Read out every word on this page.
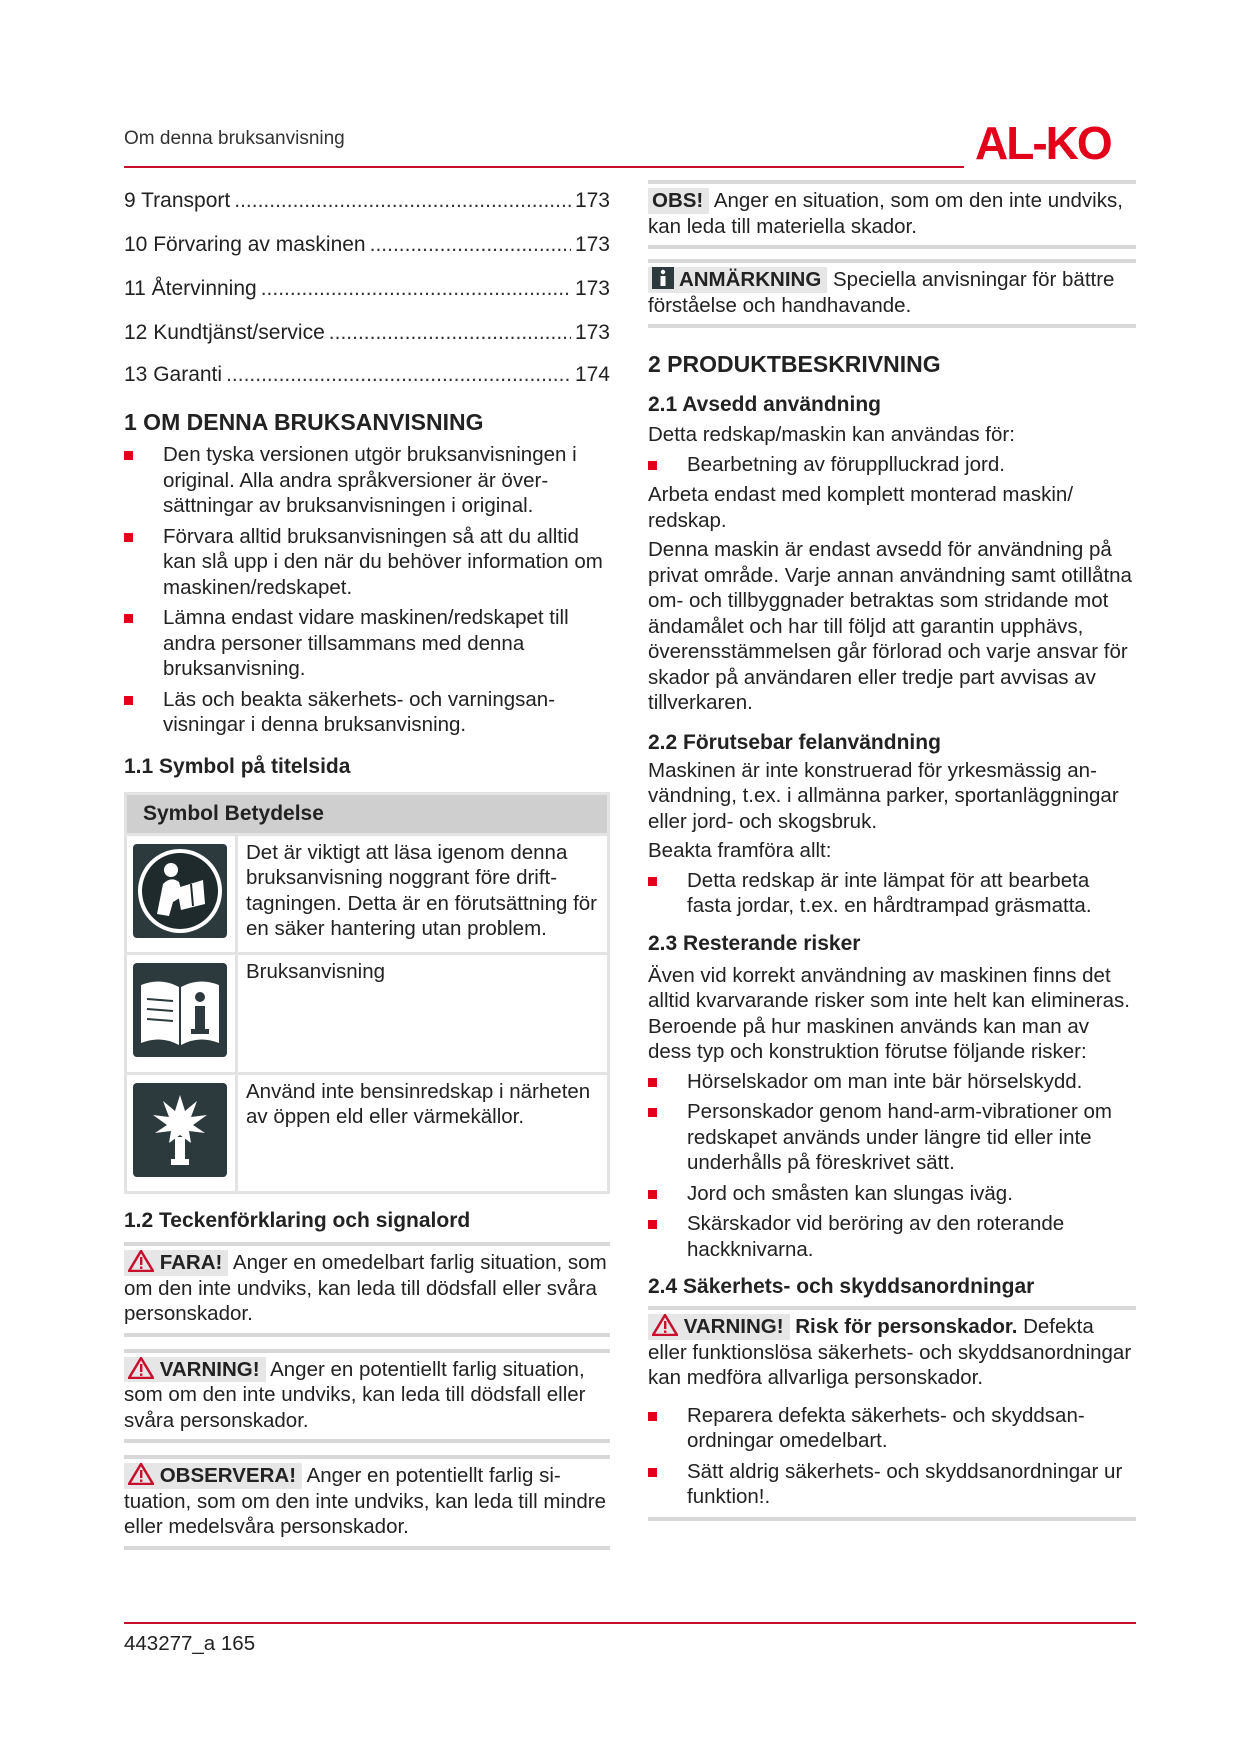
Om denna bruksanvisning	AL-KO
9 Transport .....	173
10 Förvaring av maskinen .....	173
11 Återvinning .....	173
12 Kundtjänst/service .....	173
13 Garanti .....	174
1 OM DENNA BRUKSANVISNING
Den tyska versionen utgör bruksanvisningen i original. Alla andra språkversioner är översättningar av bruksanvisningen i original.
Förvara alltid bruksanvisningen så att du alltid kan slå upp i den när du behöver information om maskinen/redskapet.
Lämna endast vidare maskinen/redskapet till andra personer tillsammans med denna bruksanvisning.
Läs och beakta säkerhets- och varningsanvisningar i denna bruksanvisning.
1.1 Symbol på titelsida
Symbol Betydelse	
	Det är viktigt att läsa igenom denna bruksanvisning noggrant före drifttagningen. Detta är en förutsättning för en säker hantering utan problem.
	Bruksanvisning
	Använd inte bensinredskap i närheten av öppen eld eller värmekällor.
1.2 Teckenförklaring och signalord

FARA! Anger en omedelbart farlig situation, som om den inte undviks, kan leda till dödsfall eller svåra personskador.

VARNING! Anger en potentiellt farlig situation, som om den inte undviks, kan leda till dödsfall eller svåra personskador.

OBSERVERA! Anger en potentiellt farlig situation, som om den inte undviks, kan leda till mindre eller medelsvåra personskador.

OBS! Anger en situation, som om den inte undviks, kan leda till materiella skador.

ANMÄRKNING Speciella anvisningar för bättre förståelse och handhavande.

2 PRODUKTBESKRIVNING
2.1 Avsedd användning

Detta redskap/maskin kan användas för:

Bearbetning av förupplluckrad jord.

Arbeta endast med komplett monterad maskin/ redskap.

Denna maskin är endast avsedd för användning på privat område. Varje annan användning samt otillåtna om- och tillbyggnader betraktas som stridande mot ändamålet och har till följd att garantin upphävs, överensstämmelsen går förlorad och varje ansvar för skador på användaren eller tredje part avvisas av tillverkaren.

2.2 Förutsebar felanvändning

Maskinen är inte konstruerad för yrkesmässig användning, t.ex. i allmänna parker, sportanläggningar eller jord- och skogsbruk.

Beakta framföra allt:

Detta redskap är inte lämpat för att bearbeta fasta jordar, t.ex. en hårdtrampad gräsmatta.
2.3 Resterande risker

Även vid korrekt användning av maskinen finns det alltid kvarvarande risker som inte helt kan elimineras. Beroende på hur maskinen används kan man av dess typ och konstruktion förutse följande risker:

Hörselskador om man inte bär hörselskydd.
Personskador genom hand-arm-vibrationer om redskapet används under längre tid eller inte underhålls på föreskrivet sätt.
Jord och småsten kan slungas iväg.
Skärskador vid beröring av den roterande hackknivarna.
2.4 Säkerhets- och skyddsanordningar

VARNING! Risk för personskador. Defekta eller funktionslösa säkerhets- och skyddsanordningar kan medföra allvarliga personskador.

Reparera defekta säkerhets- och skyddsanordningar omedelbart.
Sätt aldrig säkerhets- och skyddsanordningar ur funktion!.
443277_a 165
